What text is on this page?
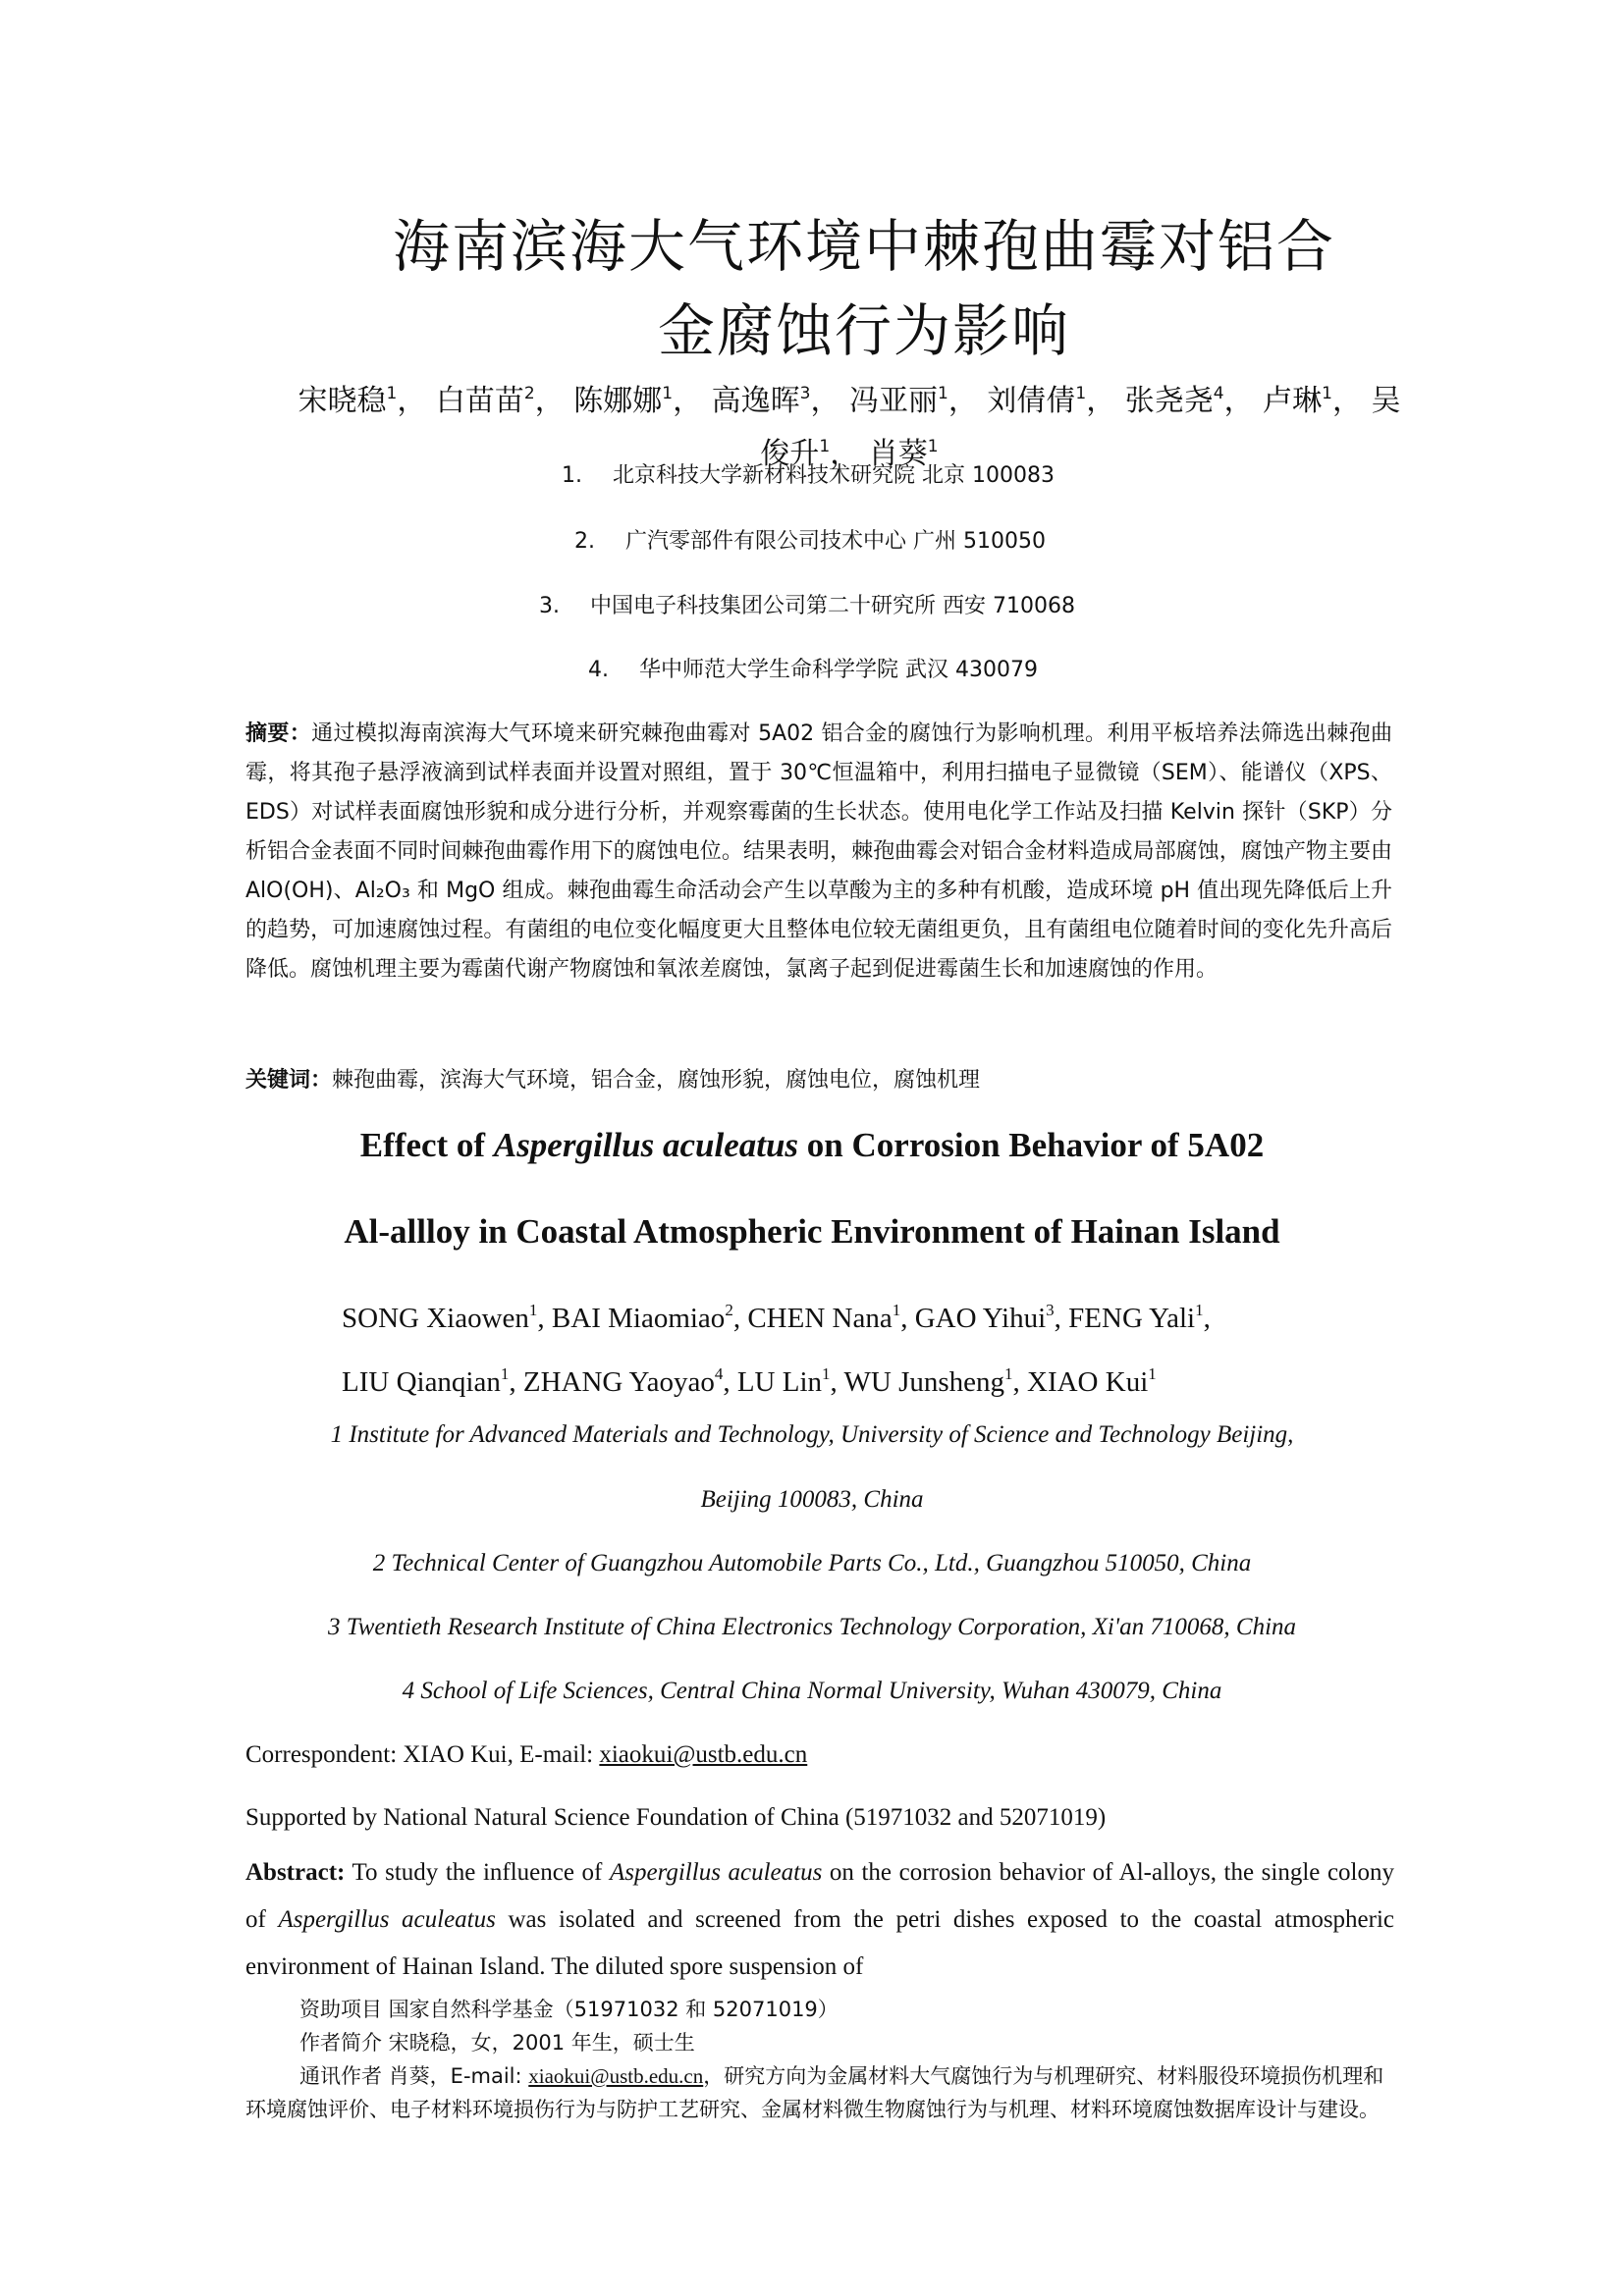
海南滨海大气环境中棘孢曲霉对铝合
金腐蚀行为影响
宋晓稳$^1$， 白苗苗$^2$， 陈娜娜$^1$， 高逸晖$^3$， 冯亚丽$^1$， 刘倩倩$^1$， 张尧尧$^4$， 卢琳$^1$， 吴俊升$^1$， 肖葵$^1$
1. 北京科技大学新材料技术研究院 北京 100083
2. 广汽零部件有限公司技术中心 广州 510050
3. 中国电子科技集团公司第二十研究所 西安 710068
4. 华中师范大学生命科学学院 武汉 430079
摘要：通过模拟海南滨海大气环境来研究棘孢曲霉对 5A02 铝合金的腐蚀行为影响机理。利用平板培养法筛选出棘孢曲霉，将其孢子悬浮液滴到试样表面并设置对照组，置于 30℃恒温箱中，利用扫描电子显微镜（SEM）、能谱仪（XPS、EDS）对试样表面腐蚀形貌和成分进行分析，并观察霉菌的生长状态。使用电化学工作站及扫描 Kelvin 探针（SKP）分析铝合金表面不同时间棘孢曲霉作用下的腐蚀电位。结果表明，棘孢曲霉会对铝合金材料造成局部腐蚀，腐蚀产物主要由 AlO(OH)、Al₂O₃ 和 MgO 组成。棘孢曲霉生命活动会产生以草酸为主的多种有机酸，造成环境 pH 值出现先降低后上升的趋势，可加速腐蚀过程。有菌组的电位变化幅度更大且整体电位较无菌组更负，且有菌组电位随着时间的变化先升高后降低。腐蚀机理主要为霉菌代谢产物腐蚀和氧浓差腐蚀，氯离子起到促进霉菌生长和加速腐蚀的作用。
关键词：棘孢曲霉，滨海大气环境，铝合金，腐蚀形貌，腐蚀电位，腐蚀机理
Effect of Aspergillus aculeatus on Corrosion Behavior of 5A02
Al-allloy in Coastal Atmospheric Environment of Hainan Island
SONG Xiaowen$^1$, BAI Miaomiao$^2$, CHEN Nana$^1$, GAO Yihui$^3$, FENG Yali$^1$,
LIU Qianqian$^1$, ZHANG Yaoyao$^4$, LU Lin$^1$, WU Junsheng$^1$, XIAO Kui$^1$
1 Institute for Advanced Materials and Technology, University of Science and Technology Beijing,
Beijing 100083, China
2 Technical Center of Guangzhou Automobile Parts Co., Ltd., Guangzhou 510050, China
3 Twentieth Research Institute of China Electronics Technology Corporation, Xi'an 710068, China
4 School of Life Sciences, Central China Normal University, Wuhan 430079, China
Correspondent: XIAO Kui, E-mail: xiaokui@ustb.edu.cn
Supported by National Natural Science Foundation of China (51971032 and 52071019)
Abstract: To study the influence of Aspergillus aculeatus on the corrosion behavior of Al-alloys, the single colony of Aspergillus aculeatus was isolated and screened from the petri dishes exposed to the coastal atmospheric environment of Hainan Island. The diluted spore suspension of
资助项目 国家自然科学基金（51971032 和 52071019）
作者简介 宋晓稳，女，2001 年生，硕士生
通讯作者 肖葵，E-mail: xiaokui@ustb.edu.cn，研究方向为金属材料大气腐蚀行为与机理研究、材料服役环境损伤机理和环境腐蚀评价、电子材料环境损伤行为与防护工艺研究、金属材料微生物腐蚀行为与机理、材料环境腐蚀数据库设计与建设。
